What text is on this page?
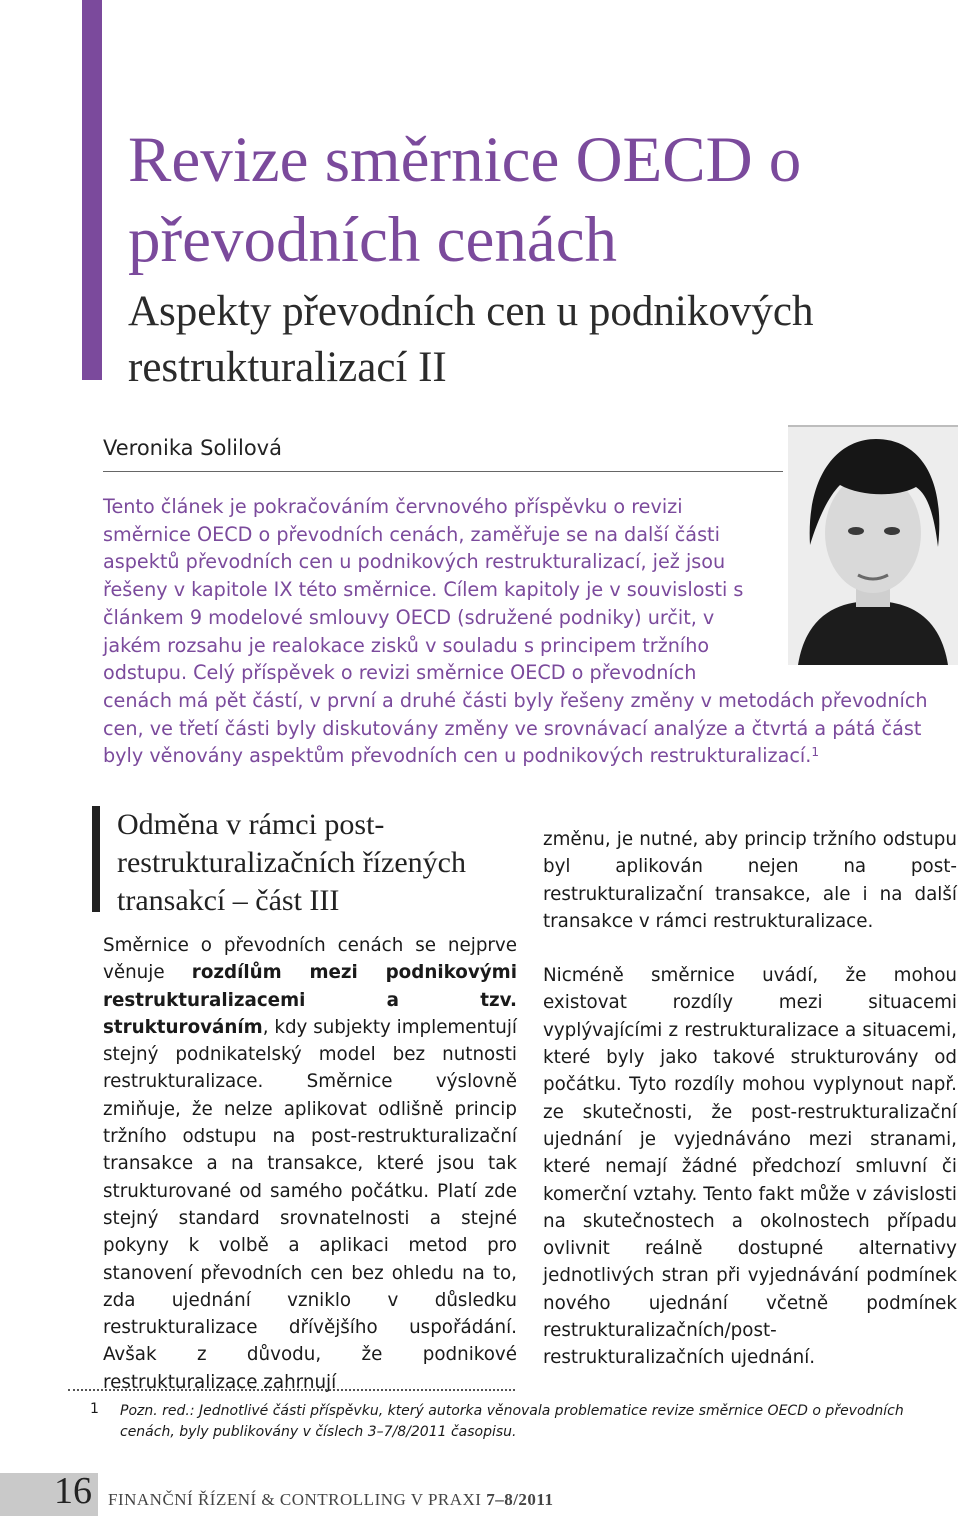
Revize směrnice OECD o převodních cenách
Aspekty převodních cen u podnikových restrukturalizací II
Veronika Solilová

Tento článek je pokračováním červnového příspěvku o revizi směrnice OECD o převodních cenách, zaměřuje se na další části aspektů převodních cen u podnikových restrukturalizací, jež jsou řešeny v kapitole IX této směrnice. Cílem kapitoly je v souvislosti s článkem 9 modelové smlouvy OECD (sdružené podniky) určit, v jakém rozsahu je realokace zisků v souladu s principem tržního odstupu. Celý příspěvek o revizi směrnice OECD o převodních cenách má pět částí, v první a druhé části byly řešeny změny v metodách převodních cen, ve třetí části byly diskutovány změny ve srovnávací analýze a čtvrtá a pátá část byly věnovány aspektům převodních cen u podnikových restrukturalizací.$^1$

Odměna v rámci post-restrukturalizačních řízených transakcí – část III

Směrnice o převodních cenách se nejprve věnuje rozdílům mezi podnikovými restrukturalizacemi a tzv. strukturováním, kdy subjekty implementují stejný podnikatelský model bez nutnosti restrukturalizace. Směrnice výslovně zmiňuje, že nelze aplikovat odlišně princip tržního odstupu na post-restrukturalizační transakce a na transakce, které jsou tak strukturované od samého počátku. Platí zde stejný standard srovnatelnosti a stejné pokyny k volbě a aplikaci metod pro stanovení převodních cen bez ohledu na to, zda ujednání vzniklo v důsledku restrukturalizace dřívějšího uspořádání. Avšak z důvodu, že podnikové restrukturalizace zahrnují

změnu, je nutné, aby princip tržního odstupu byl aplikován nejen na post-restrukturalizační transakce, ale i na další transakce v rámci restrukturalizace.

Nicméně směrnice uvádí, že mohou existovat rozdíly mezi situacemi vyplývajícími z restrukturalizace a situacemi, které byly jako takové strukturovány od počátku. Tyto rozdíly mohou vyplynout např. ze skutečnosti, že post-restrukturalizační ujednání je vyjednáváno mezi stranami, které nemají žádné předchozí smluvní či komerční vztahy. Tento fakt může v závislosti na skutečnostech a okolnostech případu ovlivnit reálně dostupné alternativy jednotlivých stran při vyjednávání podmínek nového ujednání včetně podmínek restrukturalizačních/post-restrukturalizačních ujednání.

1 Pozn. red.: Jednotlivé části příspěvku, který autorka věnovala problematice revize směrnice OECD o převodních cenách, byly publikovány v číslech 3–7/8/2011 časopisu.
16 FINANČNÍ ŘÍZENÍ & CONTROLLING V PRAXI 7–8/2011
